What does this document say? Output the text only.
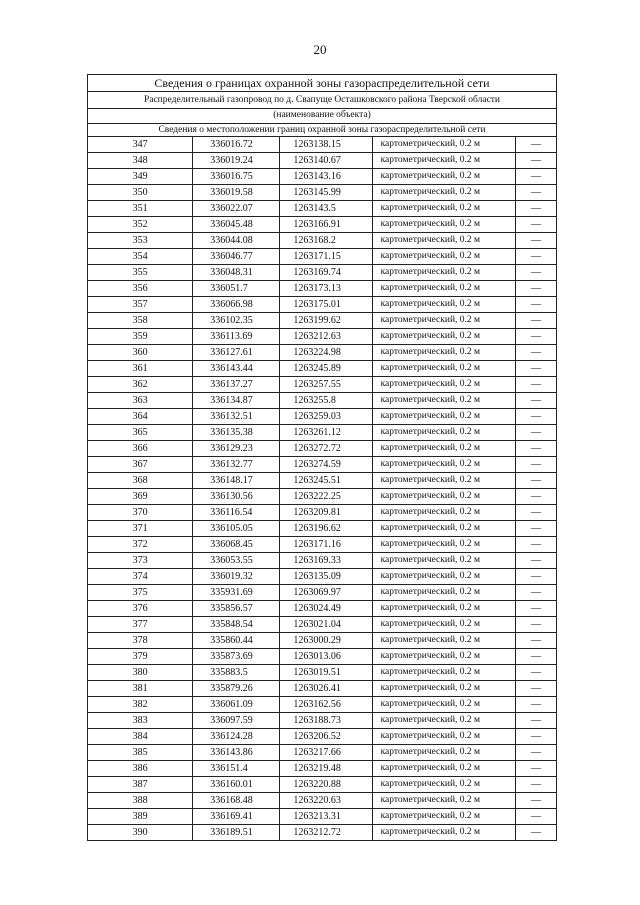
20
Сведения о границах охранной зоны газораспределительной сети
Распределительный газопровод по д. Свапуще Осташковского района Тверской области
(наименование объекта)
Сведения о местоположении границ охранной зоны газораспределительной сети
347	336016.72	1263138.15	картометрический, 0.2 м	—
348	336019.24	1263140.67	картометрический, 0.2 м	—
349	336016.75	1263143.16	картометрический, 0.2 м	—
350	336019.58	1263145.99	картометрический, 0.2 м	—
351	336022.07	1263143.5	картометрический, 0.2 м	—
352	336045.48	1263166.91	картометрический, 0.2 м	—
353	336044.08	1263168.2	картометрический, 0.2 м	—
354	336046.77	1263171.15	картометрический, 0.2 м	—
355	336048.31	1263169.74	картометрический, 0.2 м	—
356	336051.7	1263173.13	картометрический, 0.2 м	—
357	336066.98	1263175.01	картометрический, 0.2 м	—
358	336102.35	1263199.62	картометрический, 0.2 м	—
359	336113.69	1263212.63	картометрический, 0.2 м	—
360	336127.61	1263224.98	картометрический, 0.2 м	—
361	336143.44	1263245.89	картометрический, 0.2 м	—
362	336137.27	1263257.55	картометрический, 0.2 м	—
363	336134.87	1263255.8	картометрический, 0.2 м	—
364	336132.51	1263259.03	картометрический, 0.2 м	—
365	336135.38	1263261.12	картометрический, 0.2 м	—
366	336129.23	1263272.72	картометрический, 0.2 м	—
367	336132.77	1263274.59	картометрический, 0.2 м	—
368	336148.17	1263245.51	картометрический, 0.2 м	—
369	336130.56	1263222.25	картометрический, 0.2 м	—
370	336116.54	1263209.81	картометрический, 0.2 м	—
371	336105.05	1263196.62	картометрический, 0.2 м	—
372	336068.45	1263171.16	картометрический, 0.2 м	—
373	336053.55	1263169.33	картометрический, 0.2 м	—
374	336019.32	1263135.09	картометрический, 0.2 м	—
375	335931.69	1263069.97	картометрический, 0.2 м	—
376	335856.57	1263024.49	картометрический, 0.2 м	—
377	335848.54	1263021.04	картометрический, 0.2 м	—
378	335860.44	1263000.29	картометрический, 0.2 м	—
379	335873.69	1263013.06	картометрический, 0.2 м	—
380	335883.5	1263019.51	картометрический, 0.2 м	—
381	335879.26	1263026.41	картометрический, 0.2 м	—
382	336061.09	1263162.56	картометрический, 0.2 м	—
383	336097.59	1263188.73	картометрический, 0.2 м	—
384	336124.28	1263206.52	картометрический, 0.2 м	—
385	336143.86	1263217.66	картометрический, 0.2 м	—
386	336151.4	1263219.48	картометрический, 0.2 м	—
387	336160.01	1263220.88	картометрический, 0.2 м	—
388	336168.48	1263220.63	картометрический, 0.2 м	—
389	336169.41	1263213.31	картометрический, 0.2 м	—
390	336189.51	1263212.72	картометрический, 0.2 м	—
